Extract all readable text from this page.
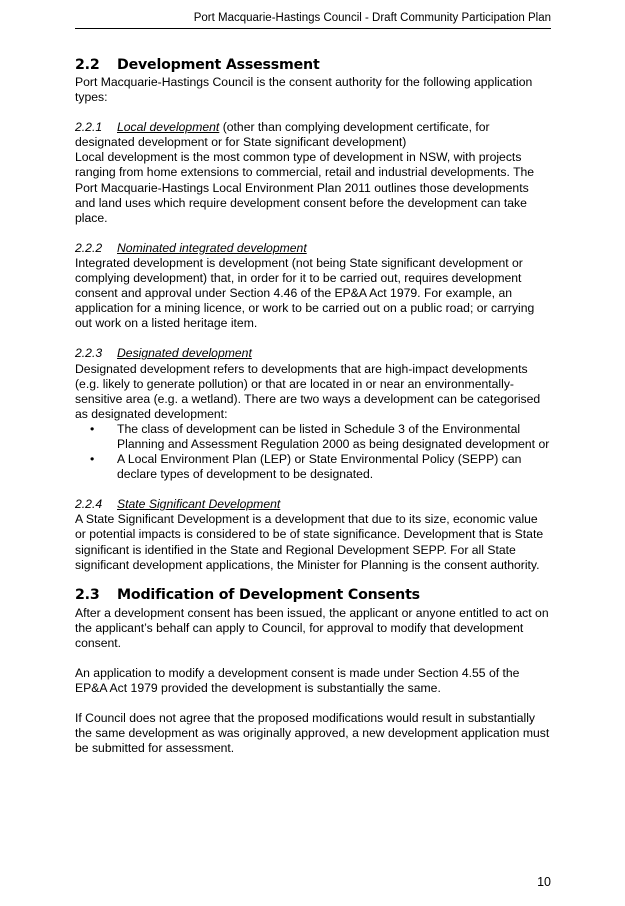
Port Macquarie-Hastings Council - Draft Community Participation Plan
2.2 Development Assessment

Port Macquarie-Hastings Council is the consent authority for the following application types:

2.2.1 Local development (other than complying development certificate, for designated development or for State significant development)

Local development is the most common type of development in NSW, with projects ranging from home extensions to commercial, retail and industrial developments. The Port Macquarie-Hastings Local Environment Plan 2011 outlines those developments and land uses which require development consent before the development can take place.

2.2.2 Nominated integrated development

Integrated development is development (not being State significant development or complying development) that, in order for it to be carried out, requires development consent and approval under Section 4.46 of the EP&A Act 1979. For example, an application for a mining licence, or work to be carried out on a public road; or carrying out work on a listed heritage item.

2.2.3 Designated development

Designated development refers to developments that are high-impact developments (e.g. likely to generate pollution) or that are located in or near an environmentally-sensitive area (e.g. a wetland). There are two ways a development can be categorised as designated development:

• The class of development can be listed in Schedule 3 of the Environmental Planning and Assessment Regulation 2000 as being designated development or
• A Local Environment Plan (LEP) or State Environmental Policy (SEPP) can declare types of development to be designated.

2.2.4 State Significant Development

A State Significant Development is a development that due to its size, economic value or potential impacts is considered to be of state significance. Development that is State significant is identified in the State and Regional Development SEPP. For all State significant development applications, the Minister for Planning is the consent authority.

2.3 Modification of Development Consents

After a development consent has been issued, the applicant or anyone entitled to act on the applicant’s behalf can apply to Council, for approval to modify that development consent.

An application to modify a development consent is made under Section 4.55 of the EP&A Act 1979 provided the development is substantially the same.

If Council does not agree that the proposed modifications would result in substantially the same development as was originally approved, a new development application must be submitted for assessment.

10
